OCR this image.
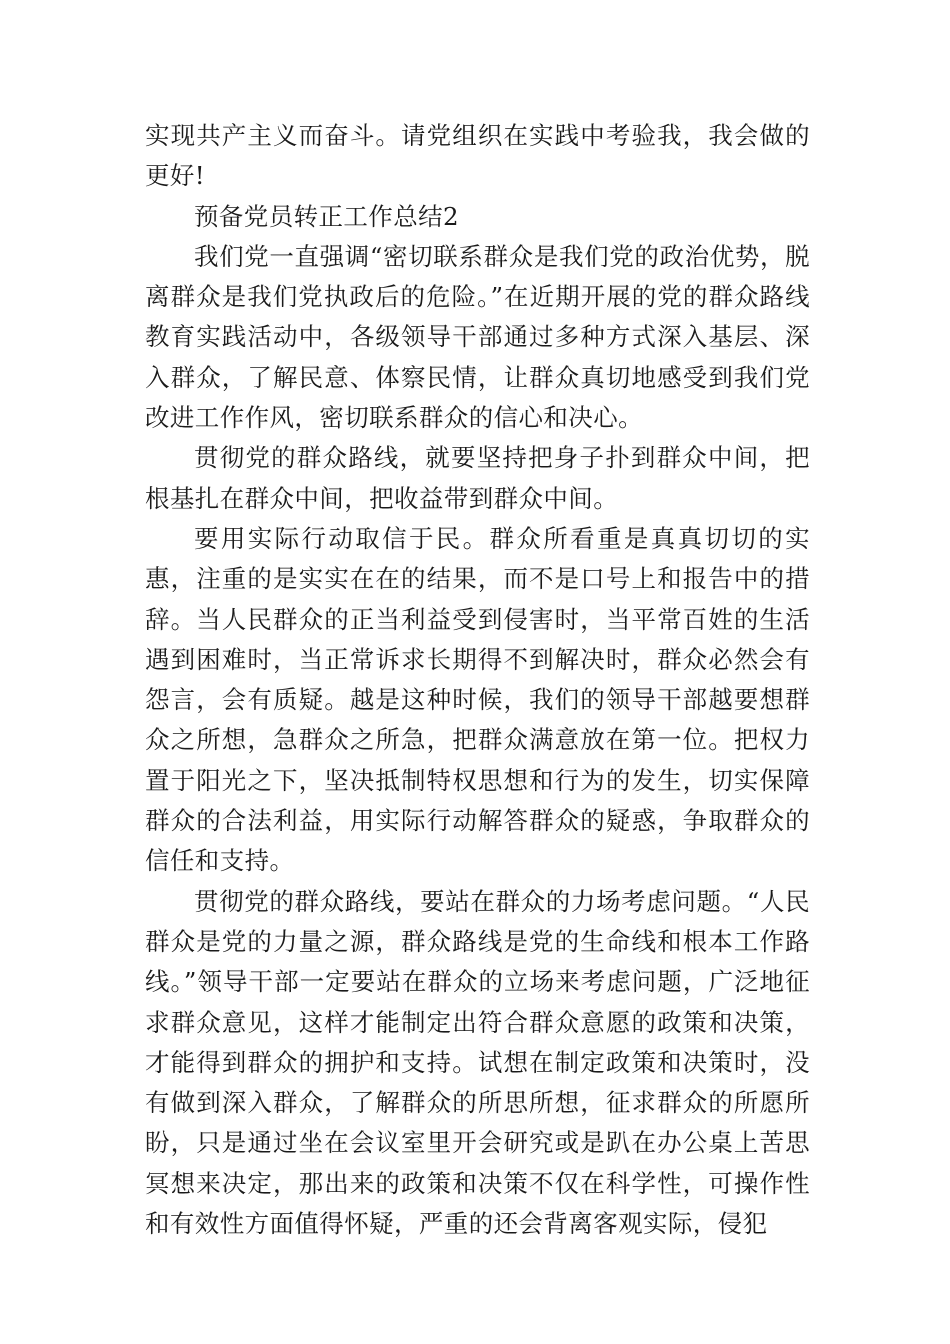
实现共产主义而奋斗。请党组织在实践中考验我，我会做的更好!

预备党员转正工作总结2

我们党一直强调“密切联系群众是我们党的政治优势，脱离群众是我们党执政后的危险。”在近期开展的党的群众路线教育实践活动中，各级领导干部通过多种方式深入基层、深入群众，了解民意、体察民情，让群众真切地感受到我们党改进工作作风，密切联系群众的信心和决心。

贯彻党的群众路线，就要坚持把身子扑到群众中间，把根基扎在群众中间，把收益带到群众中间。

要用实际行动取信于民。群众所看重是真真切切的实惠，注重的是实实在在的结果，而不是口号上和报告中的措辞。当人民群众的正当利益受到侵害时，当平常百姓的生活遇到困难时，当正常诉求长期得不到解决时，群众必然会有怨言，会有质疑。越是这种时候，我们的领导干部越要想群众之所想，急群众之所急，把群众满意放在第一位。把权力置于阳光之下，坚决抵制特权思想和行为的发生，切实保障群众的合法利益，用实际行动解答群众的疑惑，争取群众的信任和支持。

贯彻党的群众路线，要站在群众的力场考虑问题。“人民群众是党的力量之源，群众路线是党的生命线和根本工作路线。”领导干部一定要站在群众的立场来考虑问题，广泛地征求群众意见，这样才能制定出符合群众意愿的政策和决策，才能得到群众的拥护和支持。试想在制定政策和决策时，没有做到深入群众，了解群众的所思所想，征求群众的所愿所盼，只是通过坐在会议室里开会研究或是趴在办公桌上苦思冥想来决定，那出来的政策和决策不仅在科学性，可操作性和有效性方面值得怀疑，严重的还会背离客观实际，侵犯
